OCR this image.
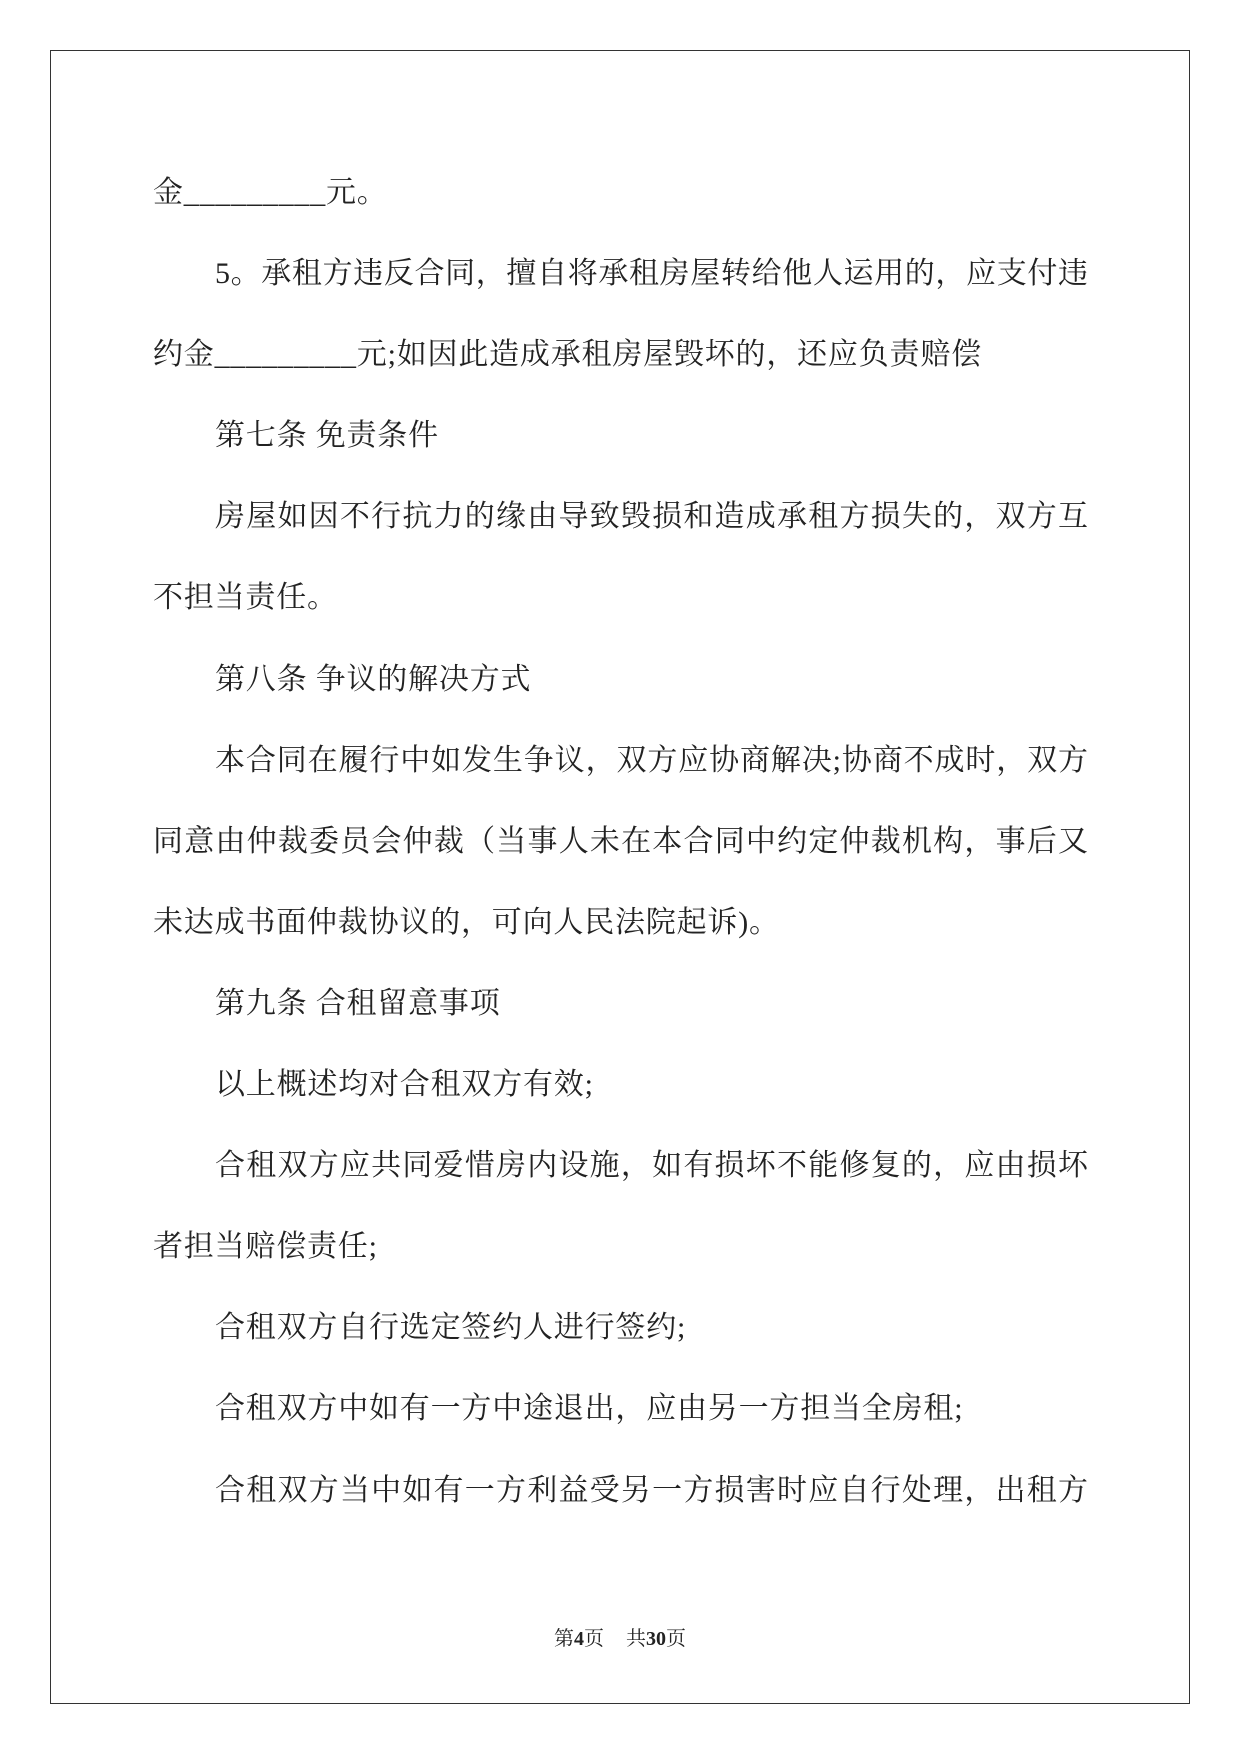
金_________元。
5。承租方违反合同，擅自将承租房屋转给他人运用的，应支付违
约金_________元;如因此造成承租房屋毁坏的，还应负责赔偿
第七条 免责条件
房屋如因不行抗力的缘由导致毁损和造成承租方损失的，双方互
不担当责任。
第八条 争议的解决方式
本合同在履行中如发生争议，双方应协商解决;协商不成时，双方
同意由仲裁委员会仲裁（当事人未在本合同中约定仲裁机构，事后又
未达成书面仲裁协议的，可向人民法院起诉)。
第九条 合租留意事项
以上概述均对合租双方有效;
合租双方应共同爱惜房内设施，如有损坏不能修复的，应由损坏
者担当赔偿责任;
合租双方自行选定签约人进行签约;
合租双方中如有一方中途退出，应由另一方担当全房租;
合租双方当中如有一方利益受另一方损害时应自行处理，出租方
第4页 共30页
